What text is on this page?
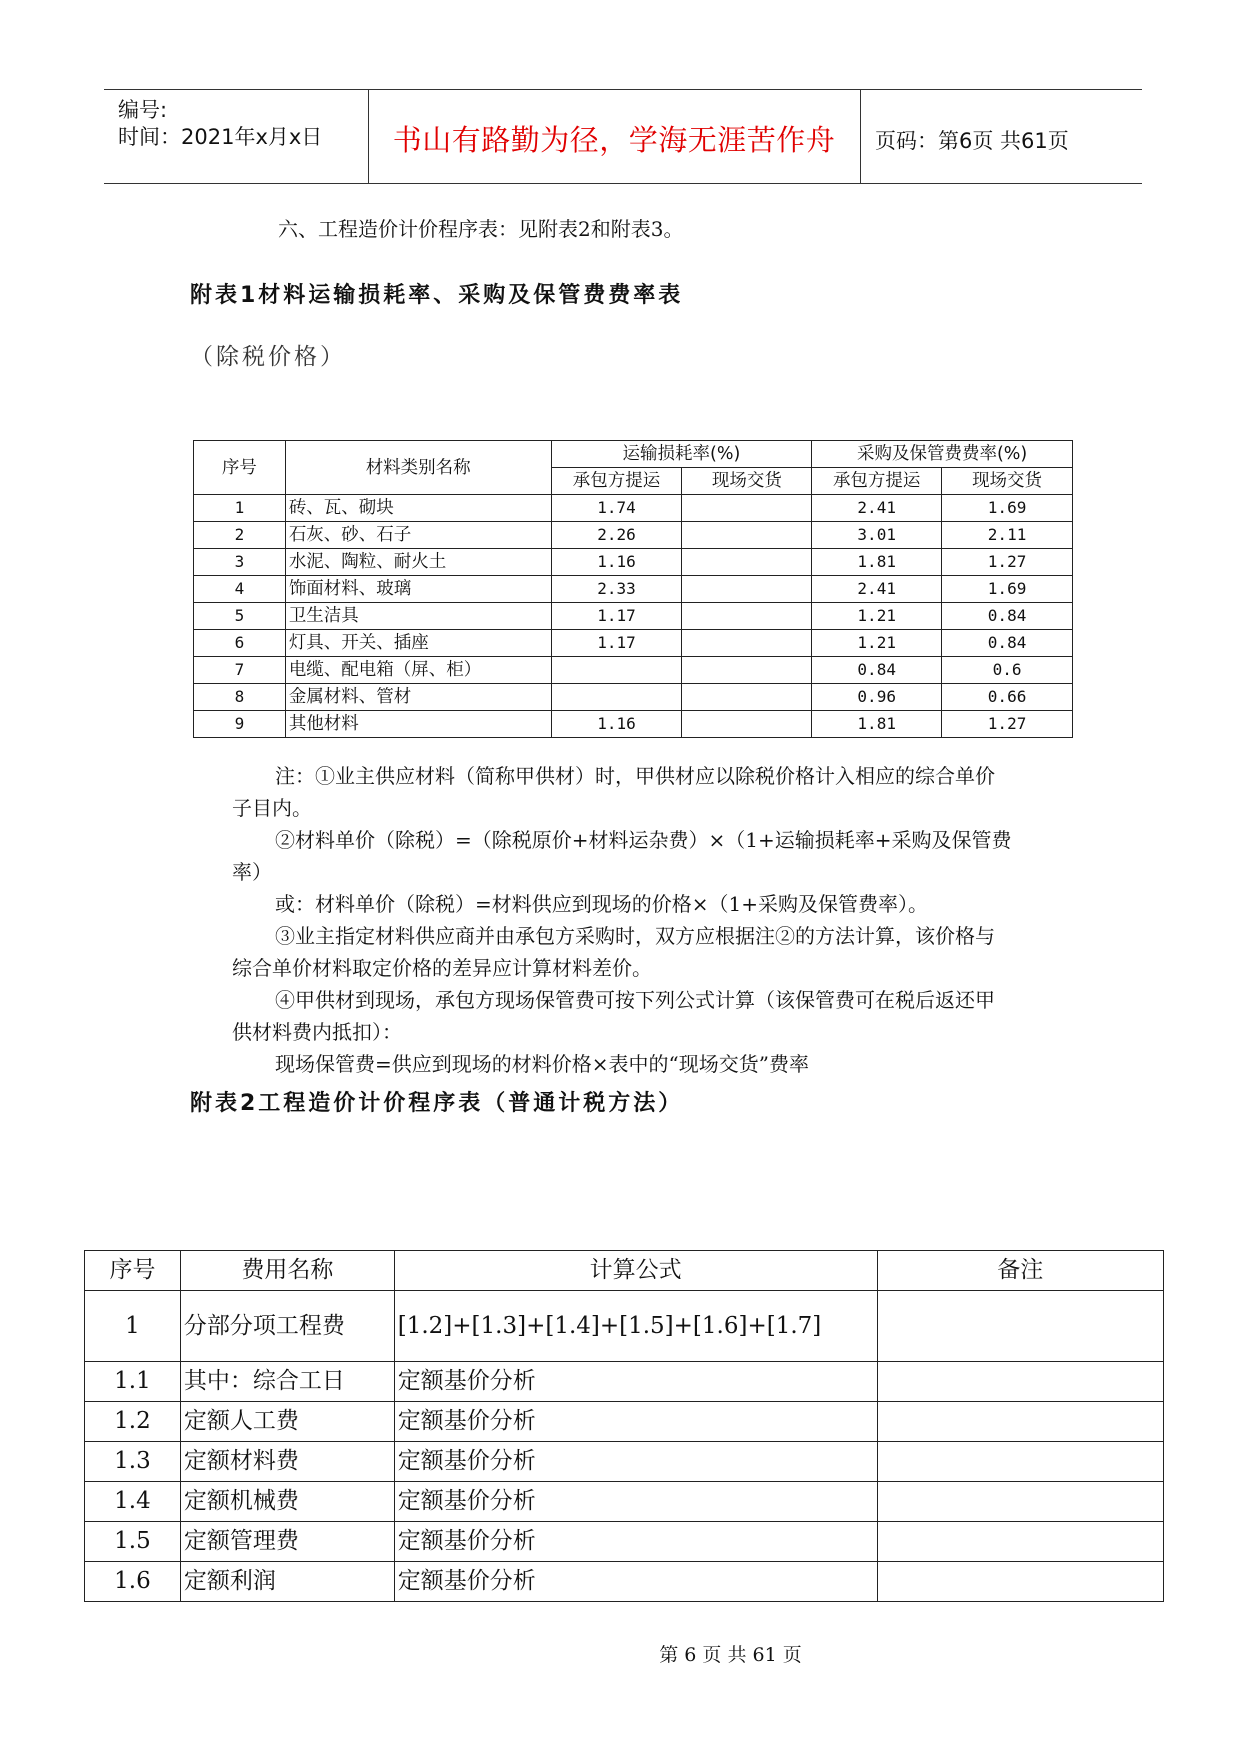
编号:
时间：2021年x月x日	书山有路勤为径，学海无涯苦作舟	页码：第6页 共61页
六、工程造价计价程序表：见附表2和附表3。
附表1材料运输损耗率、采购及保管费费率表
（除税价格）
序号	材料类别名称	运输损耗率(%)		采购及保管费费率(%)	
		承包方提运	现场交货	承包方提运	现场交货
1	砖、瓦、砌块	1.74		2.41	1.69
2	石灰、砂、石子	2.26		3.01	2.11
3	水泥、陶粒、耐火土	1.16		1.81	1.27
4	饰面材料、玻璃	2.33		2.41	1.69
5	卫生洁具	1.17		1.21	0.84
6	灯具、开关、插座	1.17		1.21	0.84
7	电缆、配电箱（屏、柜）			0.84	0.6
8	金属材料、管材			0.96	0.66
9	其他材料	1.16		1.81	1.27
注：①业主供应材料（简称甲供材）时，甲供材应以除税价格计入相应的综合单价
子目内。
②材料单价（除税）=（除税原价+材料运杂费）×（1+运输损耗率+采购及保管费
率）
或：材料单价（除税）=材料供应到现场的价格×（1+采购及保管费率）。
③业主指定材料供应商并由承包方采购时，双方应根据注②的方法计算，该价格与
综合单价材料取定价格的差异应计算材料差价。
④甲供材到现场，承包方现场保管费可按下列公式计算（该保管费可在税后返还甲
供材料费内抵扣）：
现场保管费=供应到现场的材料价格×表中的“现场交货”费率
附表2工程造价计价程序表（普通计税方法）
序号	费用名称	计算公式	备注
1	分部分项工程费	[1.2]+[1.3]+[1.4]+[1.5]+[1.6]+[1.7]	
1.1	其中：综合工日	定额基价分析	
1.2	定额人工费	定额基价分析	
1.3	定额材料费	定额基价分析	
1.4	定额机械费	定额基价分析	
1.5	定额管理费	定额基价分析	
1.6	定额利润	定额基价分析	
第 6 页 共 61 页
